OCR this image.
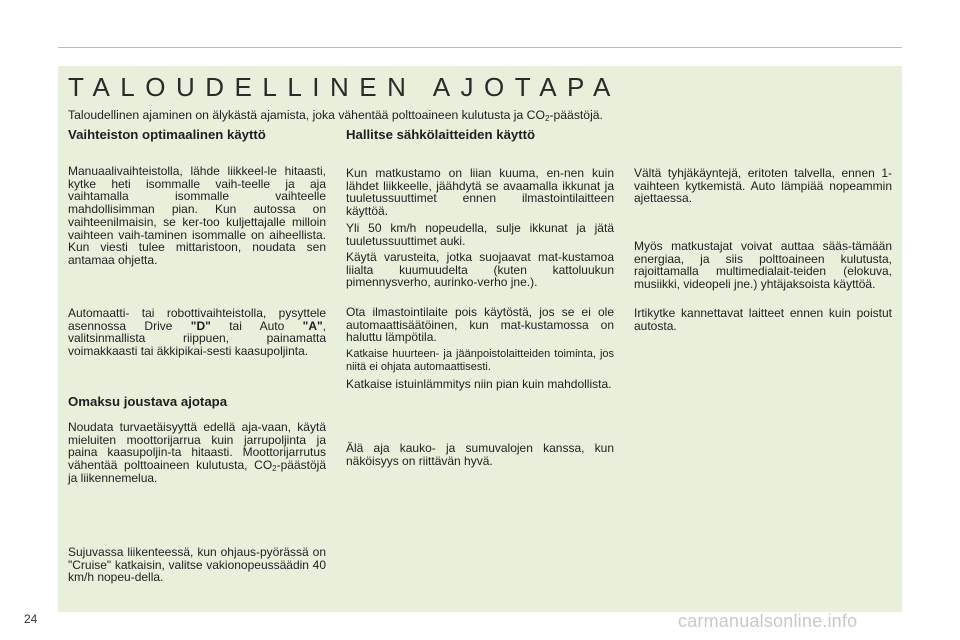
TALOUDELLINEN AJOTAPA
Taloudellinen ajaminen on älykästä ajamista, joka vähentää polttoaineen kulutusta ja $CO_2$-päästöjä.
Vaihteiston optimaalinen käyttö

Manuaalivaihteistolla, lähde liikkeel-le hitaasti, kytke heti isommalle vaih-teelle ja aja vaihtamalla isommalle vaihteelle mahdollisimman pian. Kun autossa on vaihteenilmaisin, se ker-too kuljettajalle milloin vaihteen vaih-taminen isommalle on aiheellista. Kun viesti tulee mittaristoon, noudata sen antamaa ohjetta.

Automaatti- tai robottivaihteistolla, pysyttele asennossa Drive "D" tai Auto "A", valitsinmallista riippuen, painamatta voimakkaasti tai äkkipikai-sesti kaasupoljinta.

Omaksu joustava ajotapa

Noudata turvaetäisyyttä edellä aja-vaan, käytä mieluiten moottorijarrua kuin jarrupoljinta ja paina kaasupoljin-ta hitaasti. Moottorijarrutus vähentää polttoaineen kulutusta, $CO_2$-päästöjä ja liikennemelua.

Sujuvassa liikenteessä, kun ohjaus-pyörässä on "Cruise" katkaisin, valitse vakionopeussäädin 40 km/h nopeu-della.

Hallitse sähkölaitteiden käyttö

Kun matkustamo on liian kuuma, en-nen kuin lähdet liikkeelle, jäähdytä se avaamalla ikkunat ja tuuletussuuttimet ennen ilmastointilaitteen käyttöä.

Yli 50 km/h nopeudella, sulje ikkunat ja jätä tuuletussuuttimet auki.

Käytä varusteita, jotka suojaavat mat-kustamoa liialta kuumuudelta (kuten kattoluukun pimennysverho, aurinko-verho jne.).

Ota ilmastointilaite pois käytöstä, jos se ei ole automaattisäätöinen, kun mat-kustamossa on haluttu lämpötila.

Katkaise huurteen- ja jäänpoistolaitteiden toiminta, jos niitä ei ohjata automaattisesti.

Katkaise istuinlämmitys niin pian kuin mahdollista.

Älä aja kauko- ja sumuvalojen kanssa, kun näköisyys on riittävän hyvä.

Vältä tyhjäkäyntejä, eritoten talvella, ennen 1-vaihteen kytkemistä. Auto lämpiää nopeammin ajettaessa.

Myös matkustajat voivat auttaa sääs-tämään energiaa, ja siis polttoaineen kulutusta, rajoittamalla multimedialait-teiden (elokuva, musiikki, videopeli jne.) yhtäjaksoista käyttöä.

Irtikytke kannettavat laitteet ennen kuin poistut autosta.

24	carmanualsonline.info
